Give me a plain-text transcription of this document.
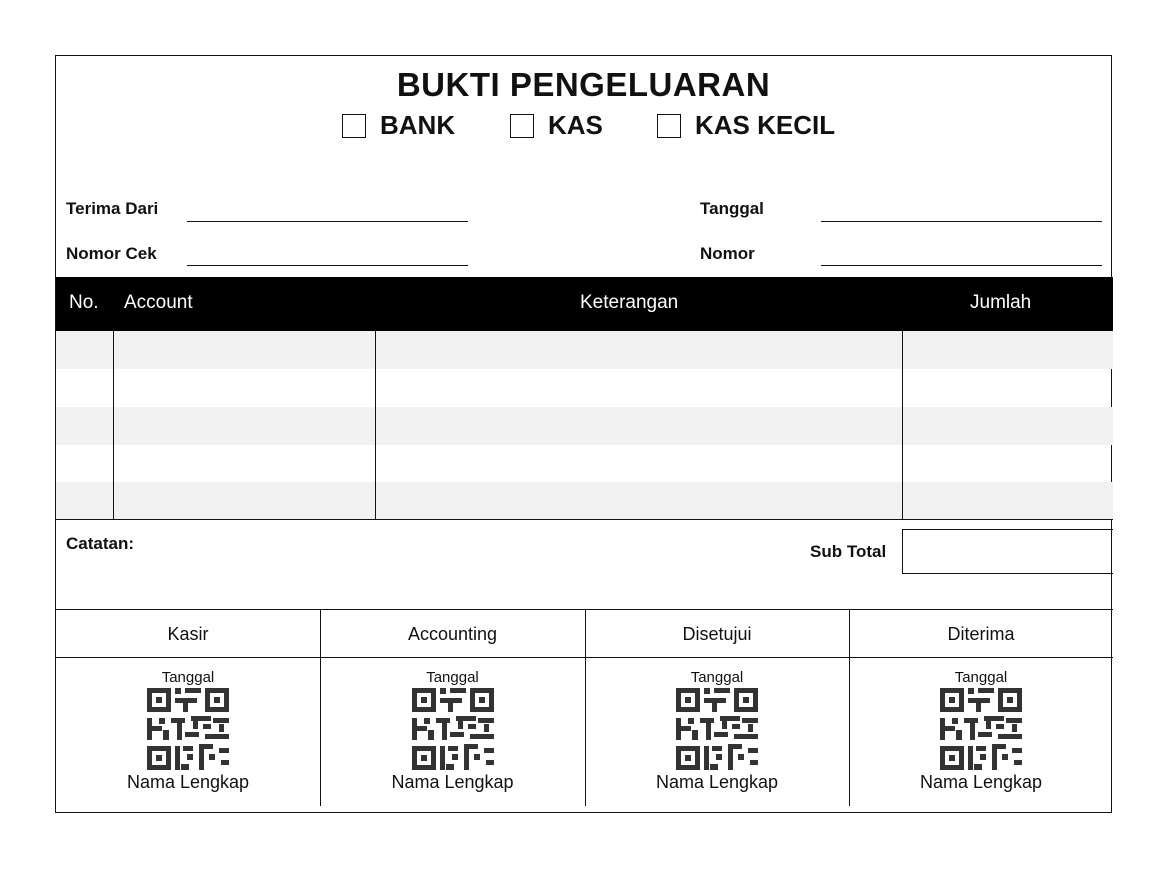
BUKTI PENGELUARAN
BANK	KAS	KAS KECIL
Terima Dari
Nomor Cek
Tanggal
Nomor
No. Account	Keterangan	Jumlah
Catatan:	Sub Total
Kasir	Accounting	Disetujui	Diterima
Tanggal
Nama Lengkap
Tanggal
Nama Lengkap
Tanggal
Nama Lengkap
Tanggal
Nama Lengkap
